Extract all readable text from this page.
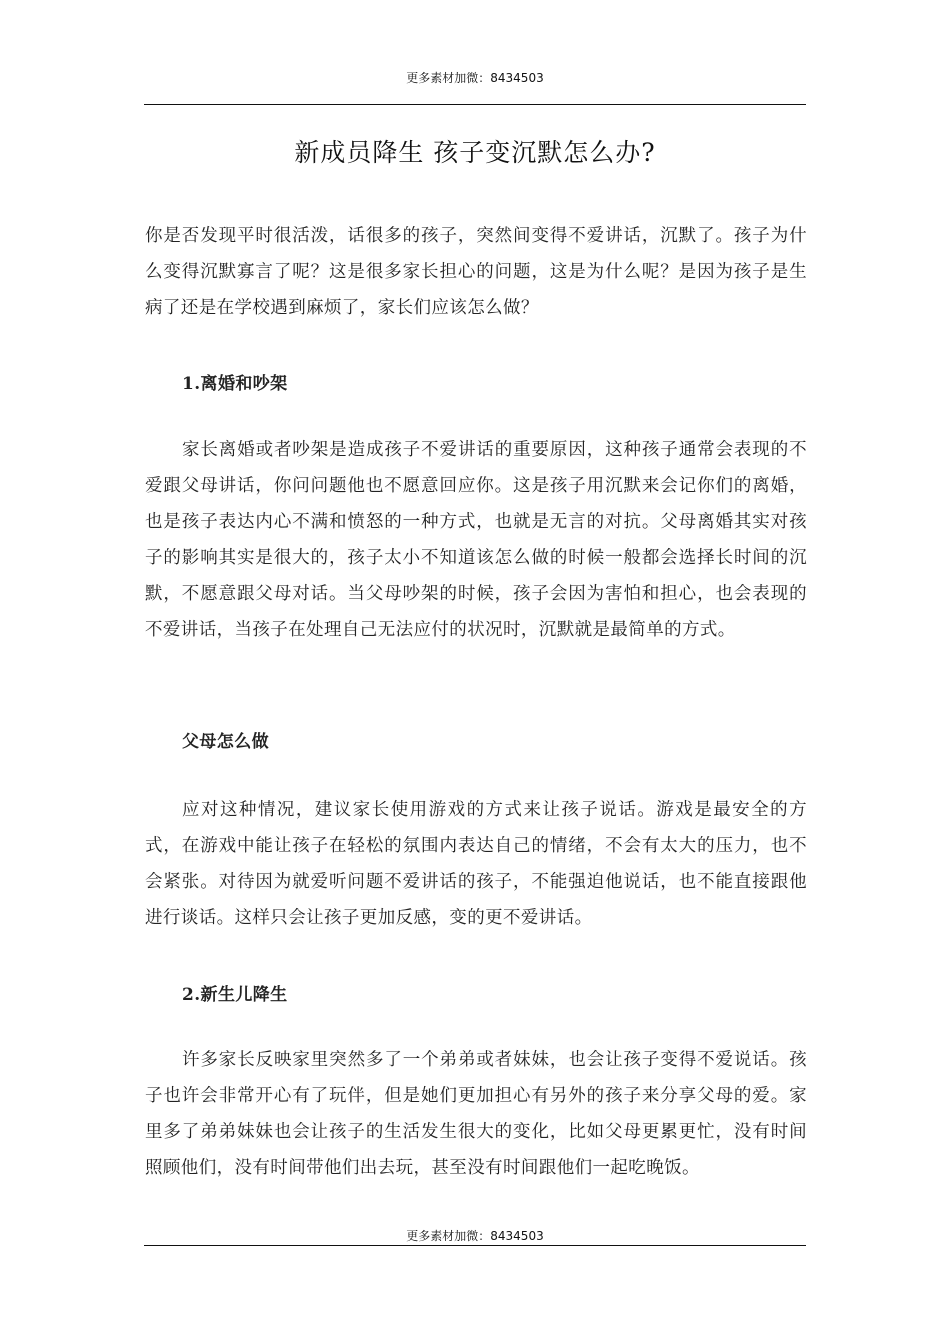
更多素材加微：8434503
新成员降生 孩子变沉默怎么办?

你是否发现平时很活泼，话很多的孩子，突然间变得不爱讲话，沉默了。孩子为什么变得沉默寡言了呢？这是很多家长担心的问题，这是为什么呢？是因为孩子是生病了还是在学校遇到麻烦了，家长们应该怎么做？

1.离婚和吵架

家长离婚或者吵架是造成孩子不爱讲话的重要原因，这种孩子通常会表现的不爱跟父母讲话，你问问题他也不愿意回应你。这是孩子用沉默来会记你们的离婚，也是孩子表达内心不满和愤怒的一种方式，也就是无言的对抗。父母离婚其实对孩子的影响其实是很大的，孩子太小不知道该怎么做的时候一般都会选择长时间的沉默，不愿意跟父母对话。当父母吵架的时候，孩子会因为害怕和担心，也会表现的不爱讲话，当孩子在处理自己无法应付的状况时，沉默就是最简单的方式。

父母怎么做

应对这种情况，建议家长使用游戏的方式来让孩子说话。游戏是最安全的方式，在游戏中能让孩子在轻松的氛围内表达自己的情绪，不会有太大的压力，也不会紧张。对待因为就爱听问题不爱讲话的孩子，不能强迫他说话，也不能直接跟他进行谈话。这样只会让孩子更加反感，变的更不爱讲话。

2.新生儿降生

许多家长反映家里突然多了一个弟弟或者妹妹，也会让孩子变得不爱说话。孩子也许会非常开心有了玩伴，但是她们更加担心有另外的孩子来分享父母的爱。家里多了弟弟妹妹也会让孩子的生活发生很大的变化，比如父母更累更忙，没有时间照顾他们，没有时间带他们出去玩，甚至没有时间跟他们一起吃晚饭。

更多素材加微：8434503
